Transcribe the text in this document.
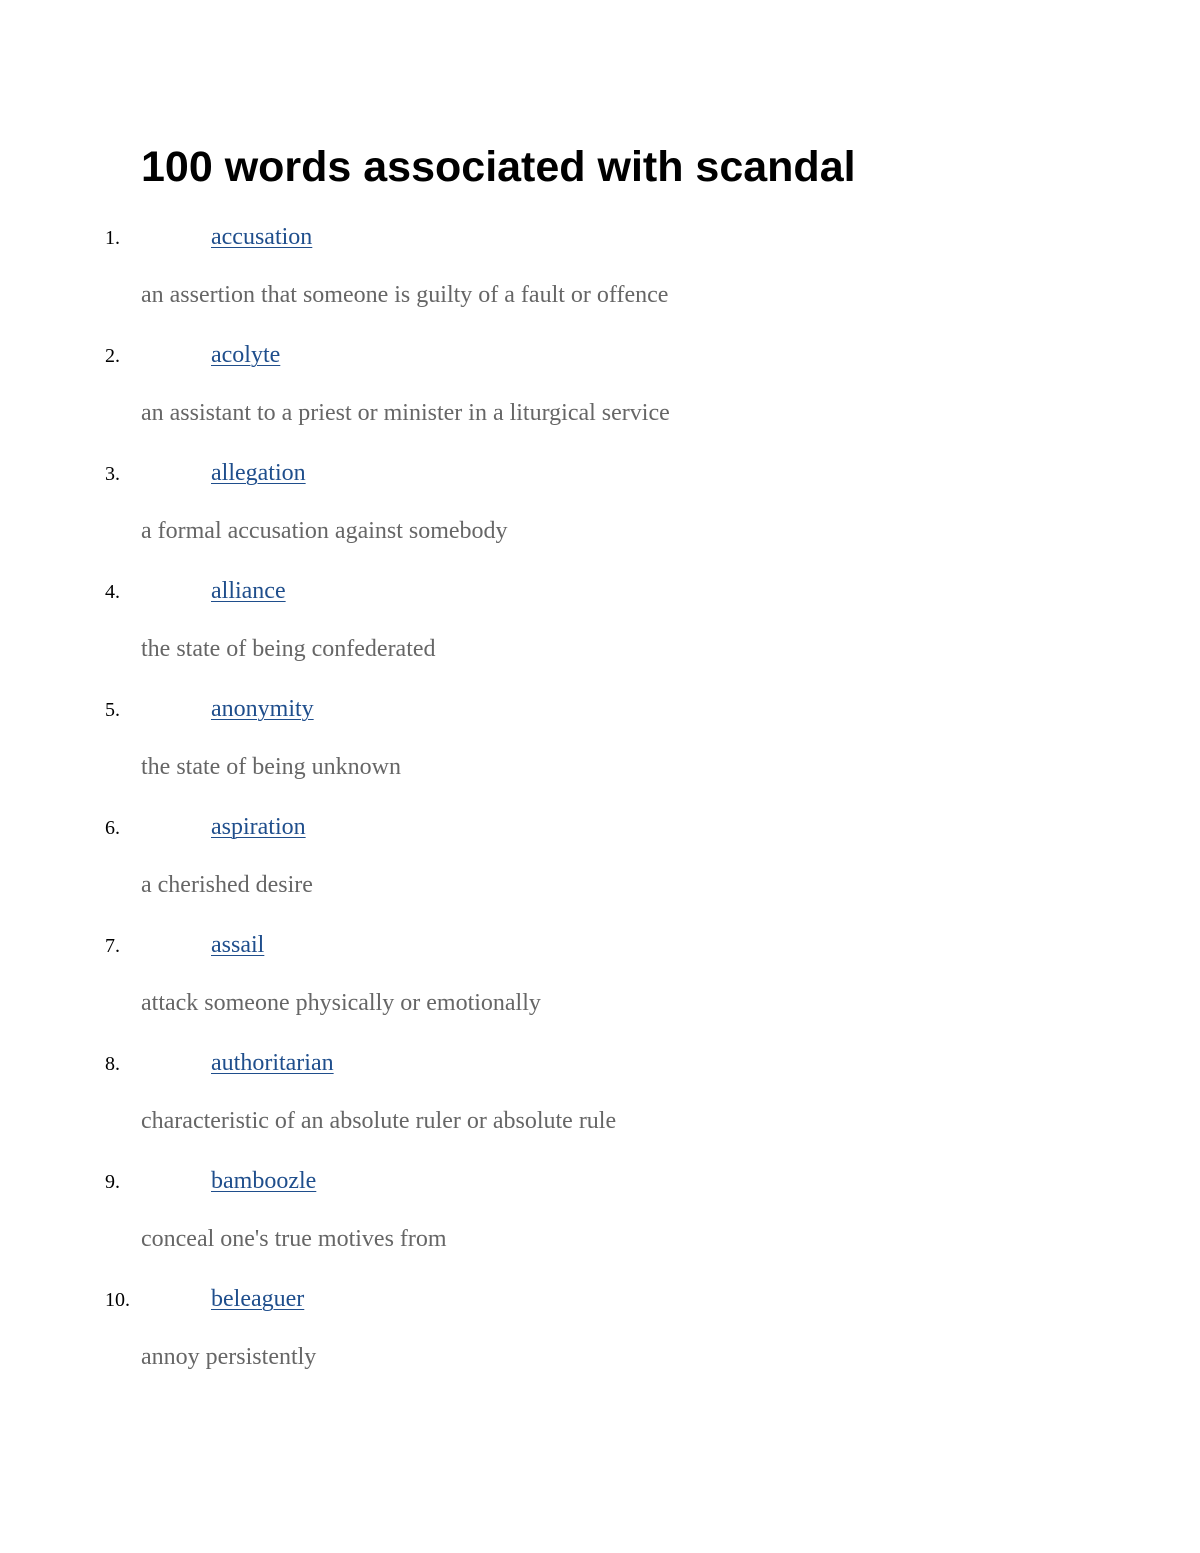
100 words associated with scandal
1.	accusation
an assertion that someone is guilty of a fault or offence
2.	acolyte
an assistant to a priest or minister in a liturgical service
3.	allegation
a formal accusation against somebody
4.	alliance
the state of being confederated
5.	anonymity
the state of being unknown
6.	aspiration
a cherished desire
7.	assail
attack someone physically or emotionally
8.	authoritarian
characteristic of an absolute ruler or absolute rule
9.	bamboozle
conceal one's true motives from
10.	beleaguer
annoy persistently
